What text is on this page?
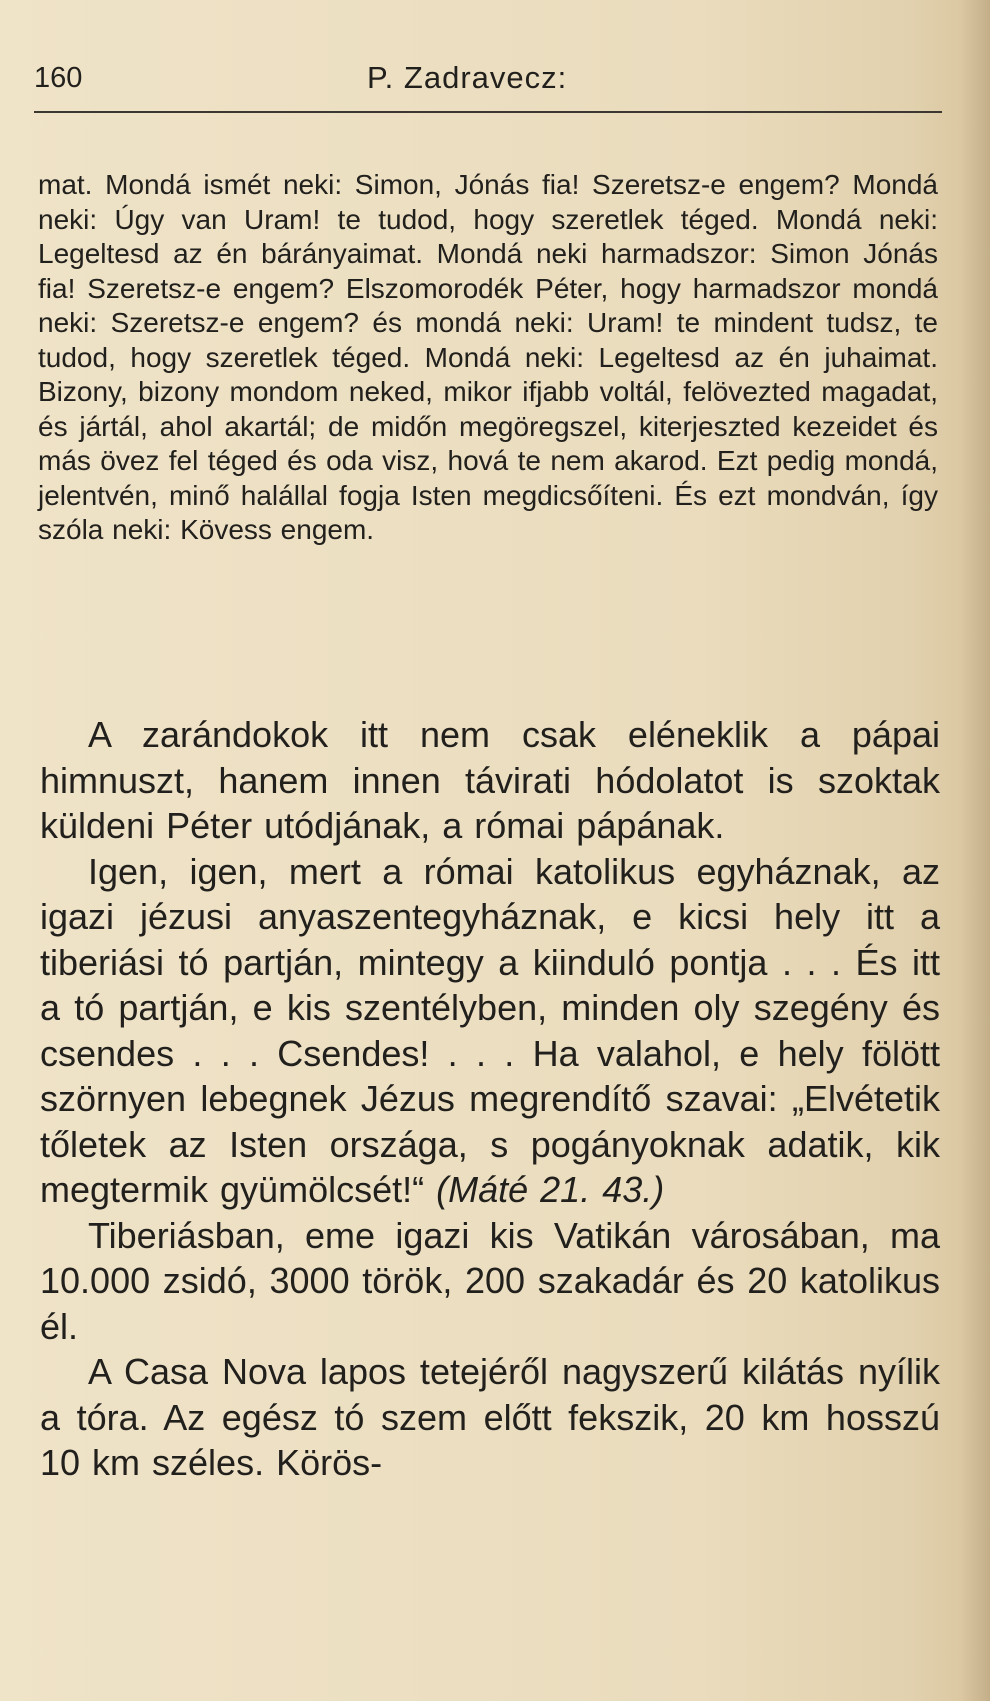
160	P. Zadravecz:

mat. Mondá ismét neki: Simon, Jónás fia! Szeretsz-e engem? Mondá neki: Úgy van Uram! te tudod, hogy szeretlek téged. Mondá neki: Legeltesd az én bárányaimat. Mondá neki harmadszor: Simon Jónás fia! Szeretsz-e engem? Elszomorodék Péter, hogy harmadszor mondá neki: Szeretsz-e engem? és mondá neki: Uram! te mindent tudsz, te tudod, hogy szeretlek téged. Mondá neki: Legeltesd az én juhaimat. Bizony, bizony mondom neked, mikor ifjabb voltál, felövezted magadat, és jártál, ahol akartál; de midőn megöregszel, kiterjeszted kezeidet és más övez fel téged és oda visz, hová te nem akarod. Ezt pedig mondá, jelentvén, minő halállal fogja Isten megdicsőíteni. És ezt mondván, így szóla neki: Kövess engem.

A zarándokok itt nem csak eléneklik a pápai himnuszt, hanem innen távirati hódolatot is szoktak küldeni Péter utódjának, a római pápának.

Igen, igen, mert a római katolikus egyháznak, az igazi jézusi anyaszentegyháznak, e kicsi hely itt a tiberiási tó partján, mintegy a kiinduló pontja . . . És itt a tó partján, e kis szentélyben, minden oly szegény és csendes . . . Csendes! . . . Ha valahol, e hely fölött szörnyen lebegnek Jézus megrendítő szavai: „Elvétetik tőletek az Isten országa, s pogányoknak adatik, kik megtermik gyümölcsét!“ (Máté 21. 43.)

Tiberiásban, eme igazi kis Vatikán városában, ma 10.000 zsidó, 3000 török, 200 szakadár és 20 katolikus él.

A Casa Nova lapos tetejéről nagyszerű kilátás nyílik a tóra. Az egész tó szem előtt fekszik, 20 km hosszú 10 km széles. Körös-
